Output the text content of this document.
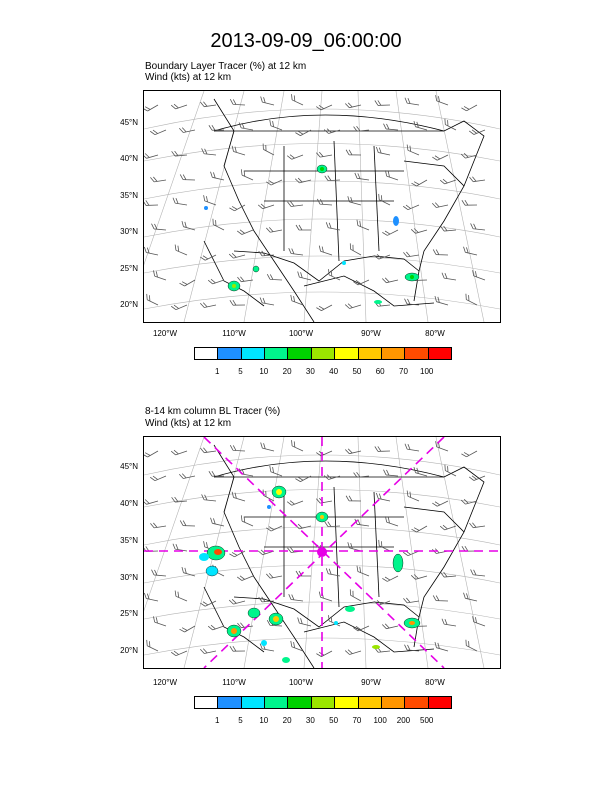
2013-09-09_06:00:00
Boundary Layer Tracer (%) at 12 km
Wind (kts) at 12 km
45°N
40°N
35°N
30°N
25°N
20°N
120°W	110°W	100°W	90°W	80°W
1	5	10	20	30	40	50	60	70	100
8-14 km column BL Tracer (%)
Wind (kts) at 12 km
45°N
40°N
35°N
30°N
25°N
20°N
120°W	110°W	100°W	90°W	80°W
1	5	10	20	30	50	70	100	200	500
